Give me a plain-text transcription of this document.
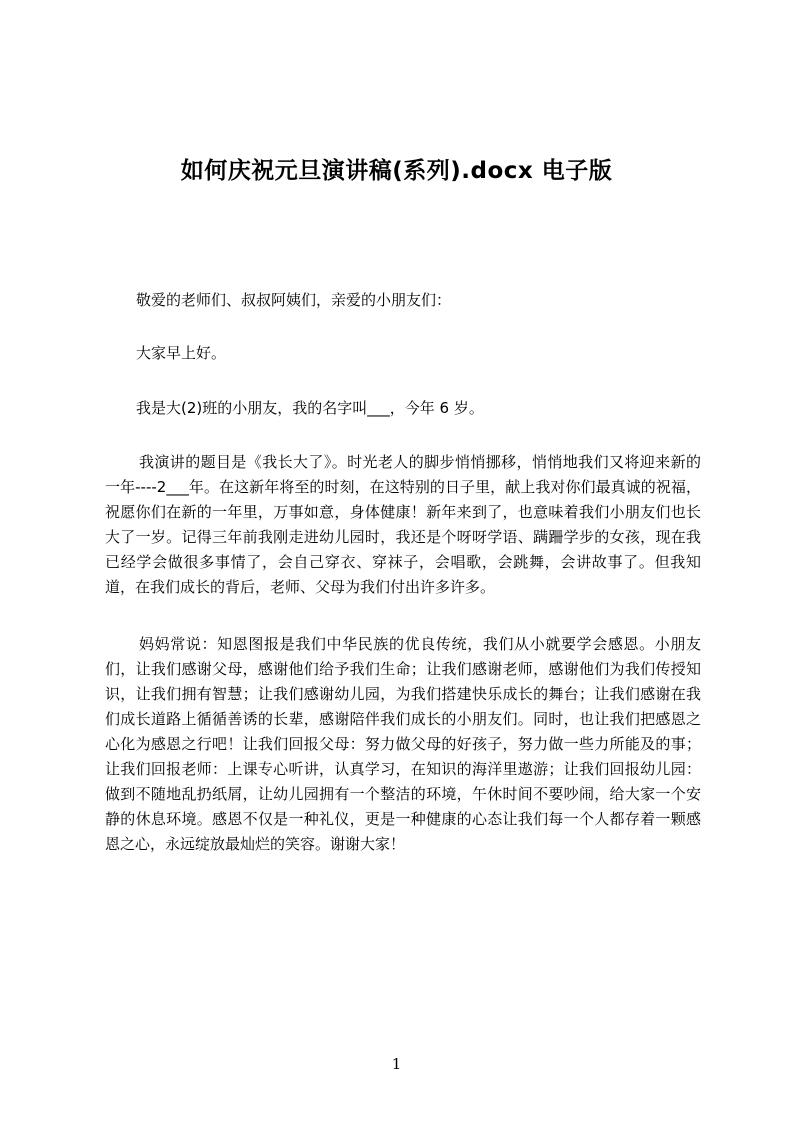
如何庆祝元旦演讲稿(系列).docx 电子版

敬爱的老师们、叔叔阿姨们，亲爱的小朋友们：

大家早上好。

我是大(2)班的小朋友，我的名字叫___，今年 6 岁。

我演讲的题目是《我长大了》。时光老人的脚步悄悄挪移，悄悄地我们又将迎来新的一年----2___年。在这新年将至的时刻，在这特别的日子里，献上我对你们最真诚的祝福，祝愿你们在新的一年里，万事如意，身体健康！新年来到了，也意味着我们小朋友们也长大了一岁。记得三年前我刚走进幼儿园时，我还是个呀呀学语、蹒跚学步的女孩，现在我已经学会做很多事情了，会自己穿衣、穿袜子，会唱歌，会跳舞，会讲故事了。但我知道，在我们成长的背后，老师、父母为我们付出许多许多。

妈妈常说：知恩图报是我们中华民族的优良传统，我们从小就要学会感恩。小朋友们，让我们感谢父母，感谢他们给予我们生命；让我们感谢老师，感谢他们为我们传授知识，让我们拥有智慧；让我们感谢幼儿园，为我们搭建快乐成长的舞台；让我们感谢在我们成长道路上循循善诱的长辈，感谢陪伴我们成长的小朋友们。同时，也让我们把感恩之心化为感恩之行吧！让我们回报父母：努力做父母的好孩子，努力做一些力所能及的事；让我们回报老师：上课专心听讲，认真学习，在知识的海洋里遨游；让我们回报幼儿园：做到不随地乱扔纸屑，让幼儿园拥有一个整洁的环境，午休时间不要吵闹，给大家一个安静的休息环境。感恩不仅是一种礼仪，更是一种健康的心态让我们每一个人都存着一颗感恩之心，永远绽放最灿烂的笑容。谢谢大家！

1
